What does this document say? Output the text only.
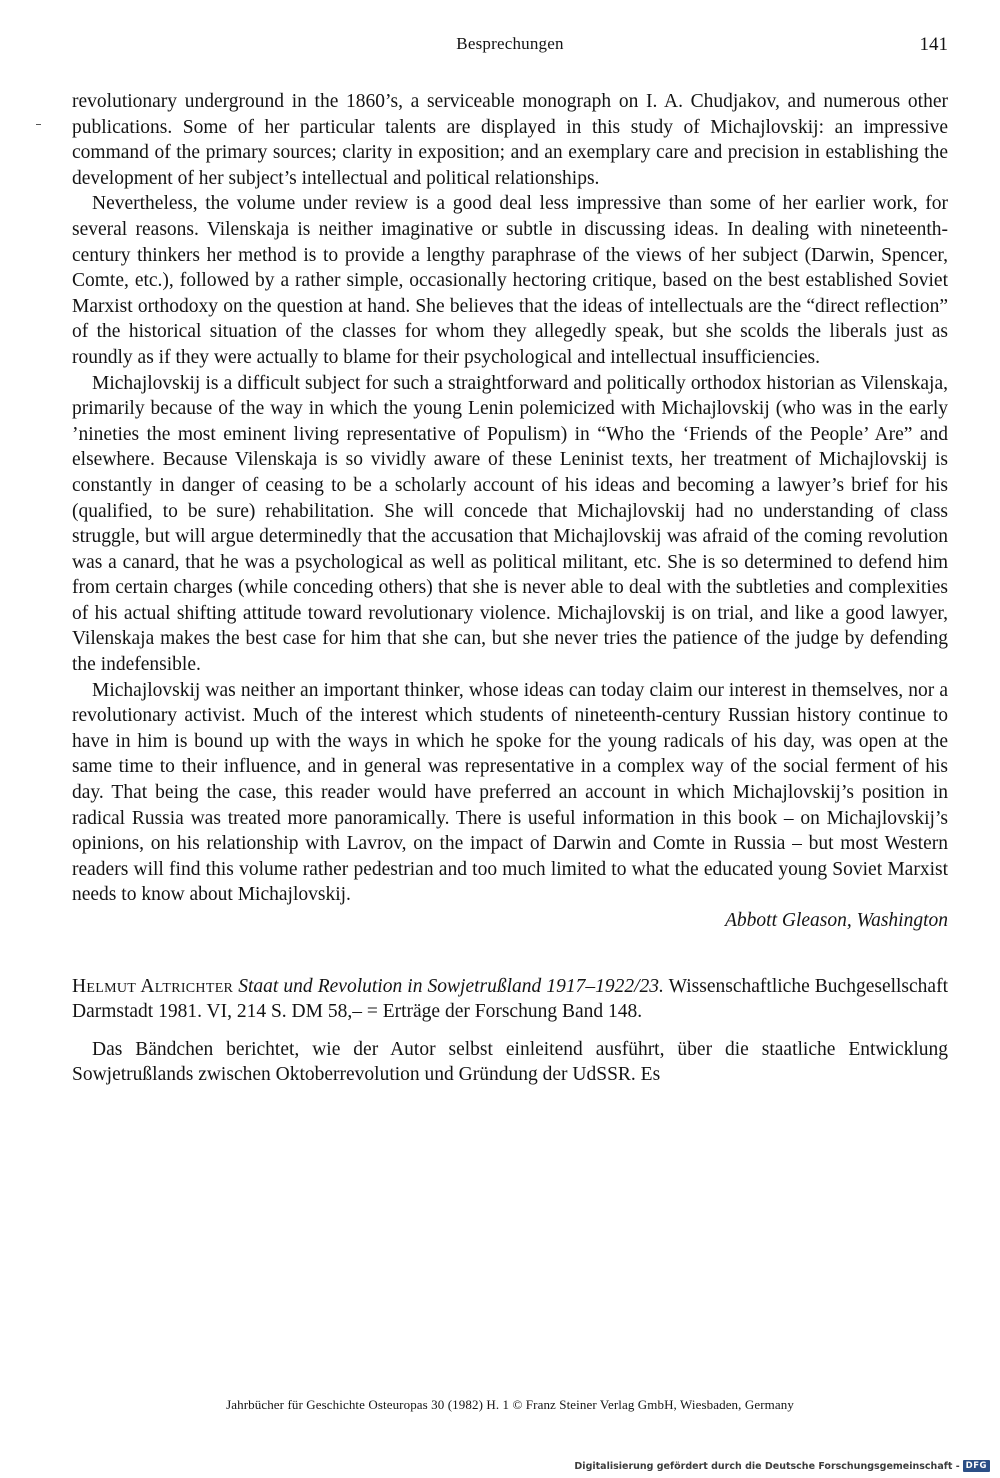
Besprechungen	141

revolutionary underground in the 1860’s, a serviceable monograph on I. A. Chudjakov, and numerous other publications. Some of her particular talents are displayed in this study of Michajlovskij: an impressive command of the primary sources; clarity in exposition; and an exemplary care and precision in establishing the development of her subject’s intellectual and political relationships.

Nevertheless, the volume under review is a good deal less impressive than some of her earlier work, for several reasons. Vilenskaja is neither imaginative or subtle in discussing ideas. In dealing with nineteenth-century thinkers her method is to provide a lengthy paraphrase of the views of her subject (Darwin, Spencer, Comte, etc.), followed by a rather simple, occasionally hectoring critique, based on the best established Soviet Marxist orthodoxy on the question at hand. She believes that the ideas of intellectuals are the “direct reflection” of the historical situation of the classes for whom they allegedly speak, but she scolds the liberals just as roundly as if they were actually to blame for their psychological and intellectual insufficiencies.

Michajlovskij is a difficult subject for such a straightforward and politically orthodox historian as Vilenskaja, primarily because of the way in which the young Lenin polemicized with Michajlovskij (who was in the early ’nineties the most eminent living representative of Populism) in “Who the ‘Friends of the People’ Are” and elsewhere. Because Vilenskaja is so vividly aware of these Leninist texts, her treatment of Michajlovskij is constantly in danger of ceasing to be a scholarly account of his ideas and becoming a lawyer’s brief for his (qualified, to be sure) rehabilitation. She will concede that Michajlovskij had no understanding of class struggle, but will argue determinedly that the accusation that Michajlovskij was afraid of the coming revolution was a canard, that he was a psychological as well as political militant, etc. She is so determined to defend him from certain charges (while conceding others) that she is never able to deal with the subtleties and complexities of his actual shifting attitude toward revolutionary violence. Michajlovskij is on trial, and like a good lawyer, Vilenskaja makes the best case for him that she can, but she never tries the patience of the judge by defending the indefensible.

Michajlovskij was neither an important thinker, whose ideas can today claim our interest in themselves, nor a revolutionary activist. Much of the interest which students of nineteenth-century Russian history continue to have in him is bound up with the ways in which he spoke for the young radicals of his day, was open at the same time to their influence, and in general was representative in a complex way of the social ferment of his day. That being the case, this reader would have preferred an account in which Michajlovskij’s position in radical Russia was treated more panoramically. There is useful information in this book – on Michajlovskij’s opinions, on his relationship with Lavrov, on the impact of Darwin and Comte in Russia – but most Western readers will find this volume rather pedestrian and too much limited to what the educated young Soviet Marxist needs to know about Michajlovskij.

Abbott Gleason, Washington

Helmut Altrichter Staat und Revolution in Sowjetrußland 1917–1922/23. Wissenschaftliche Buchgesellschaft Darmstadt 1981. VI, 214 S. DM 58,– = Erträge der Forschung Band 148.

Das Bändchen berichtet, wie der Autor selbst einleitend ausführt, über die staatliche Entwicklung Sowjetrußlands zwischen Oktoberrevolution und Gründung der UdSSR. Es

Jahrbücher für Geschichte Osteuropas 30 (1982) H. 1 © Franz Steiner Verlag GmbH, Wiesbaden, Germany
Digitalisierung gefördert durch die Deutsche Forschungsgemeinschaft - DFG
